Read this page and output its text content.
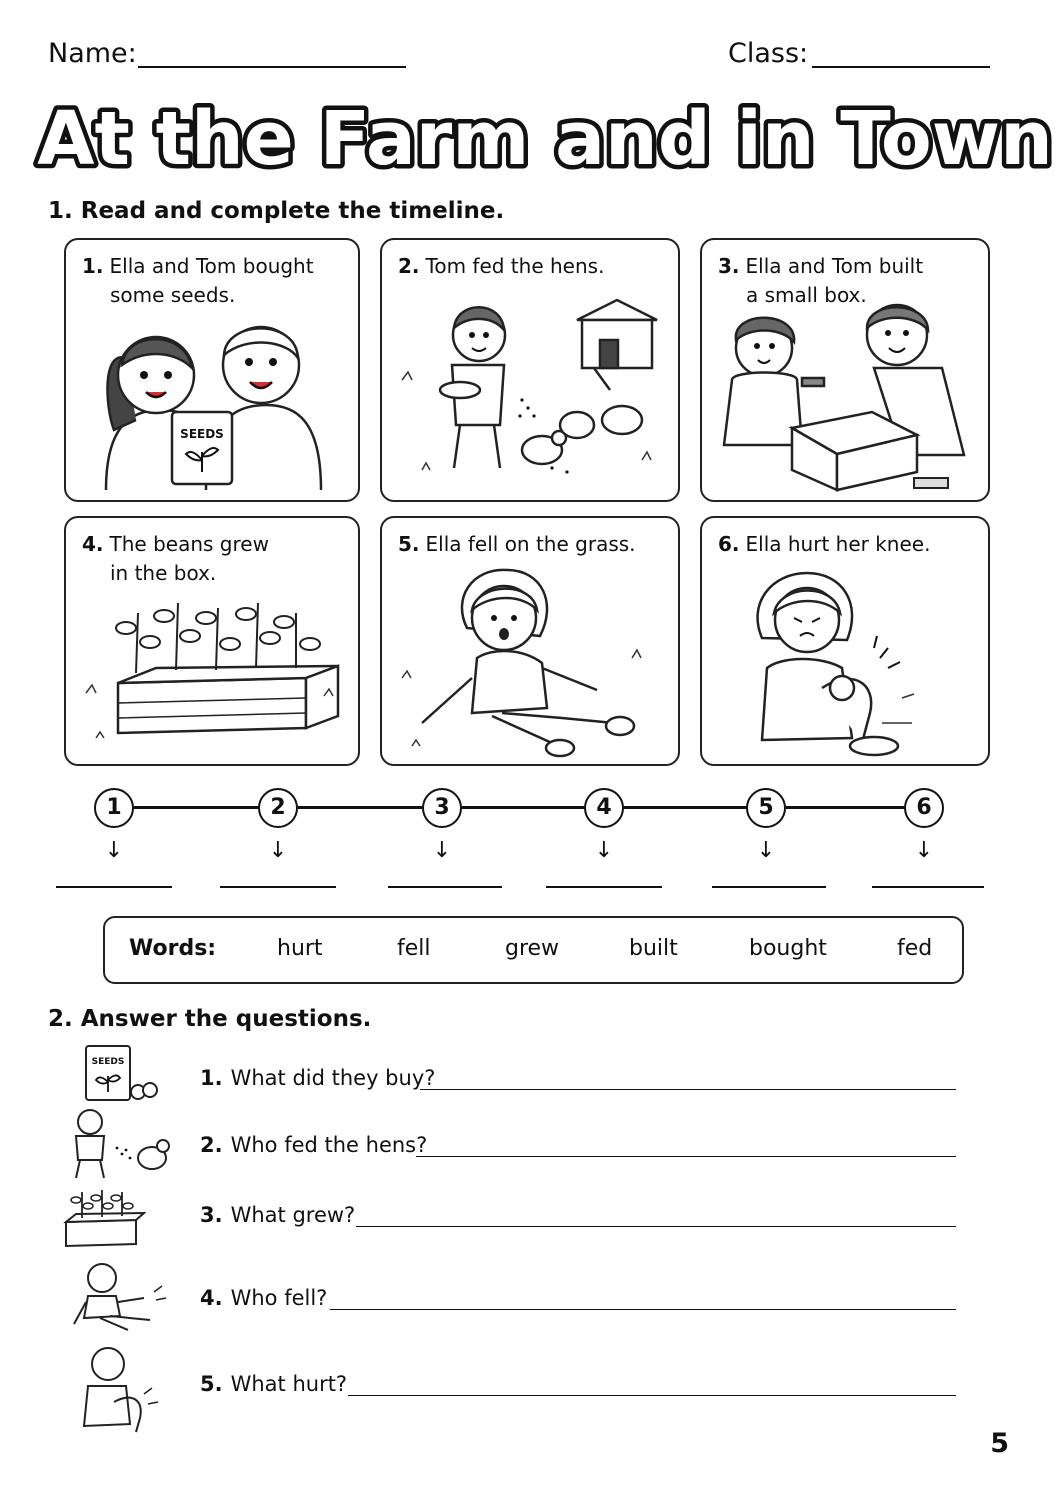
Name:	Class:
At the Farm and in Town
1. Read and complete the timeline.
SEEDS
1. Ella and Tom bought
some seeds.
2. Tom fed the hens.	3. Ella and Tom built
a small box.
4. The beans grew
in the box.
5. Ella fell on the grass.	6. Ella hurt her knee.
1	2	3	4	5	6
↓	↓	↓	↓	↓	↓
Words:	hurt	fell	grew	built	bought	fed
2. Answer the questions.
SEEDS
1. What did they buy?
2. Who fed the hens?
3. What grew?
4. Who fell?
5. What hurt?
5
